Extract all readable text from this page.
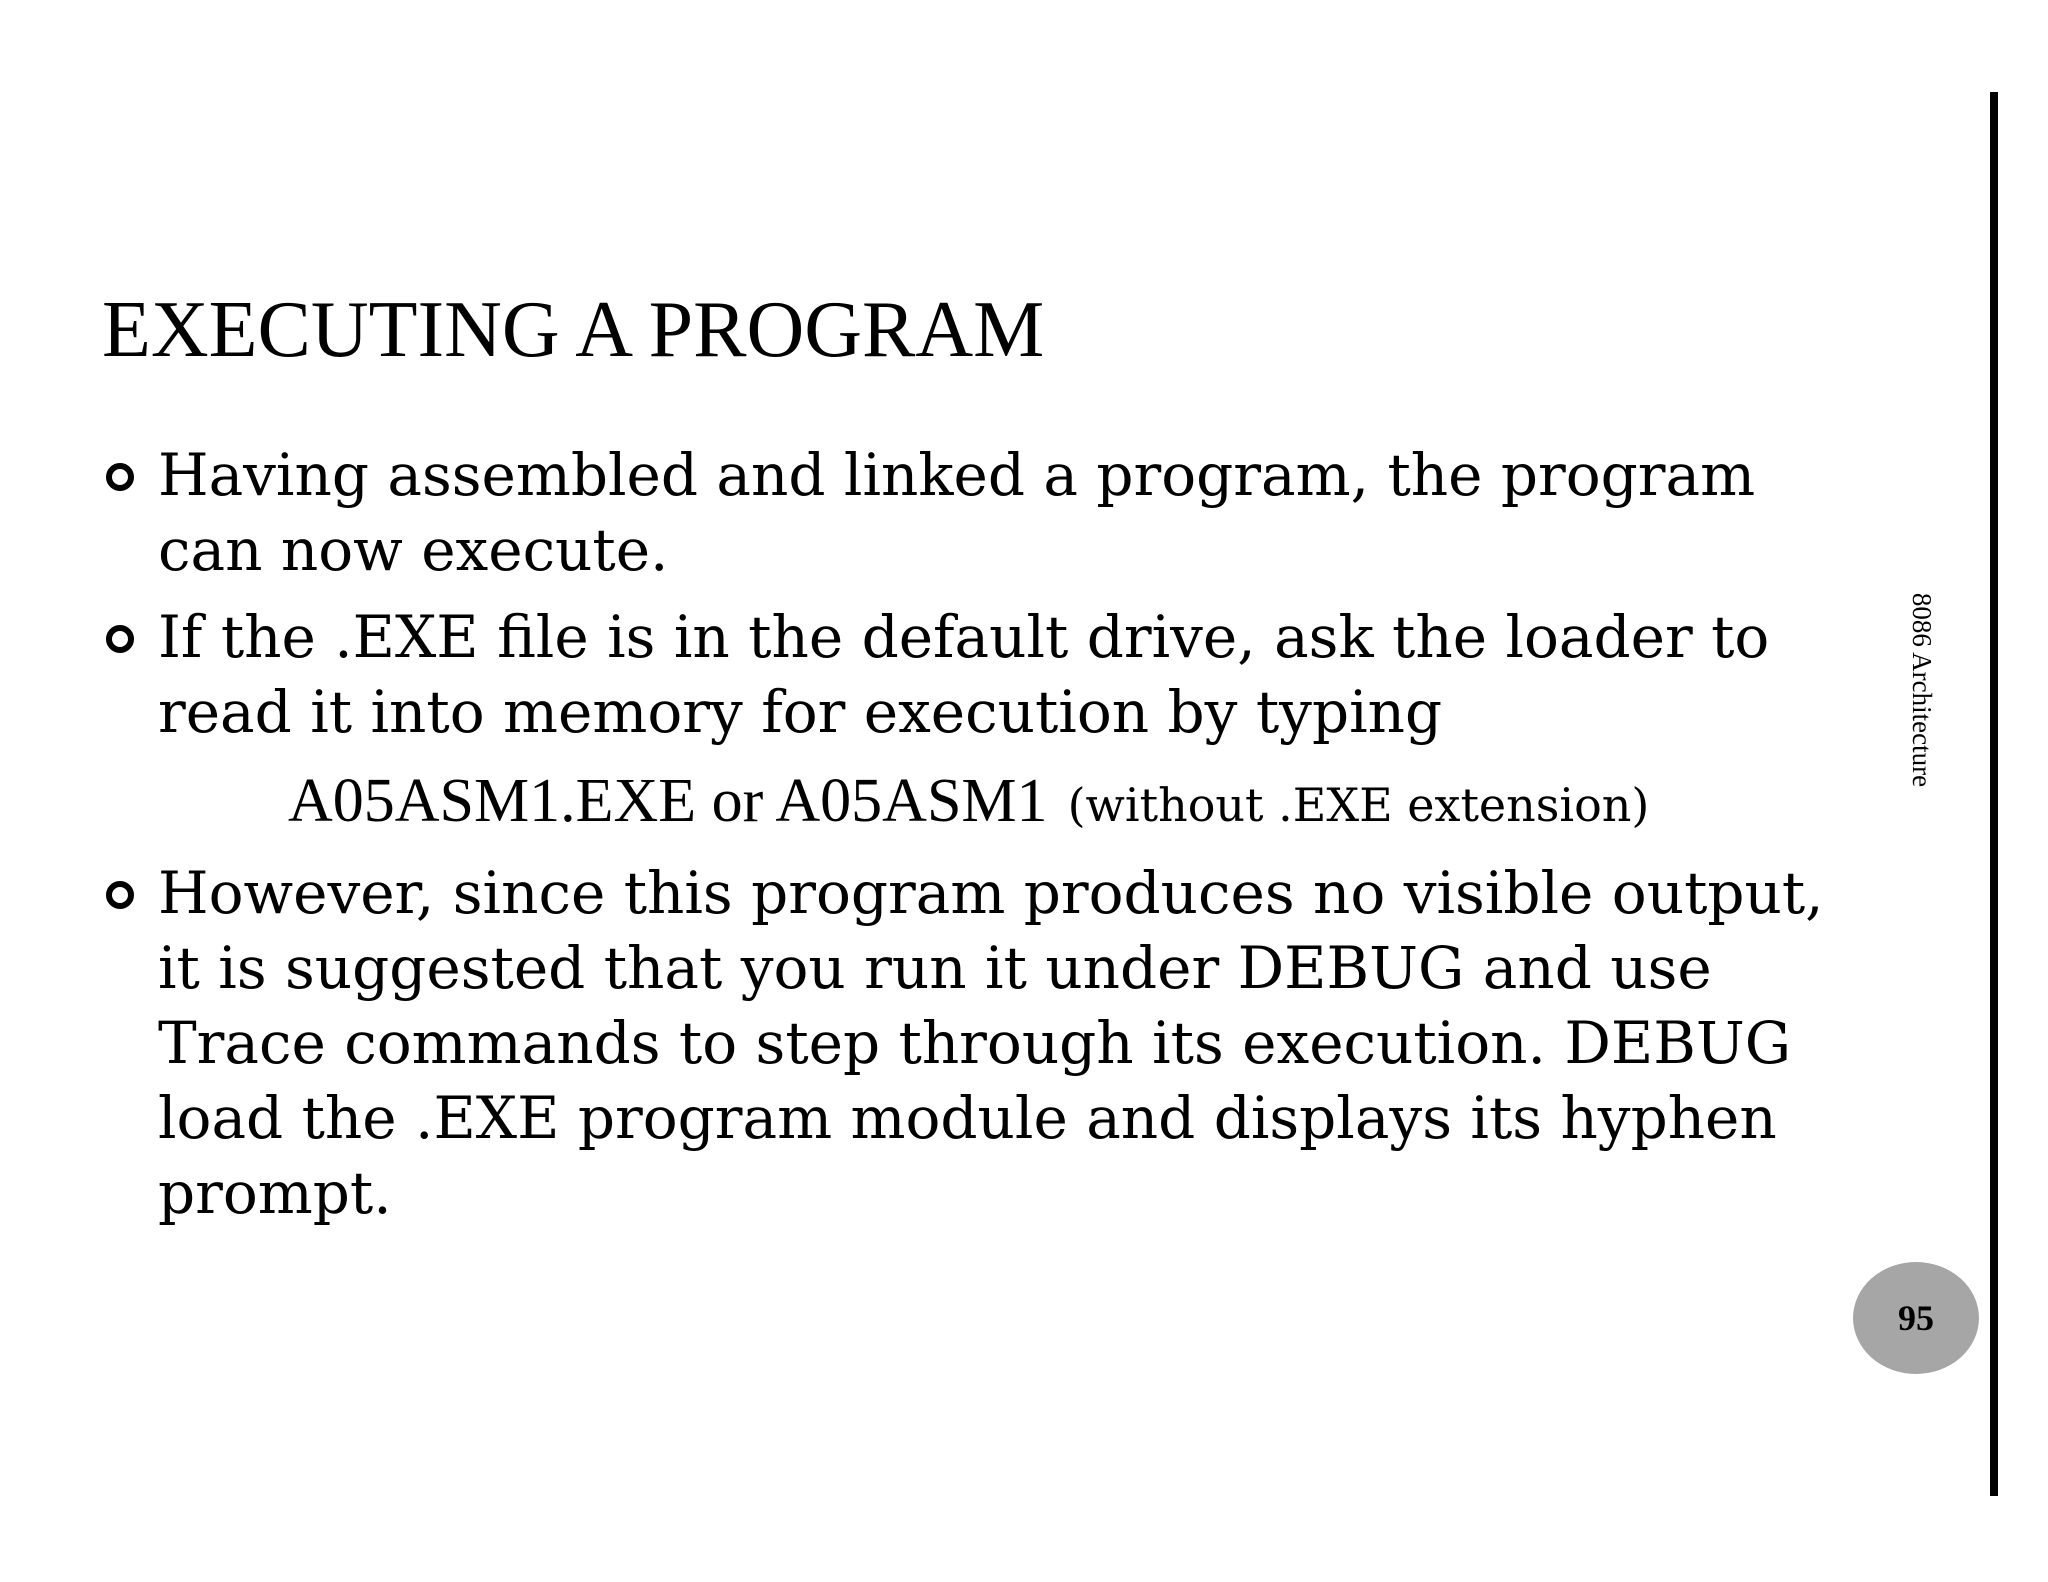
EXECUTING A PROGRAM
Having assembled and linked a program, the program
can now execute.
If the .EXE file is in the default drive, ask the loader to
read it into memory for execution by typing
A05ASM1.EXE or A05ASM1 (without .EXE extension)
However, since this program produces no visible output,
it is suggested that you run it under DEBUG and use
Trace commands to step through its execution. DEBUG
load the .EXE program module and displays its hyphen
prompt.
8086 Architecture
95
